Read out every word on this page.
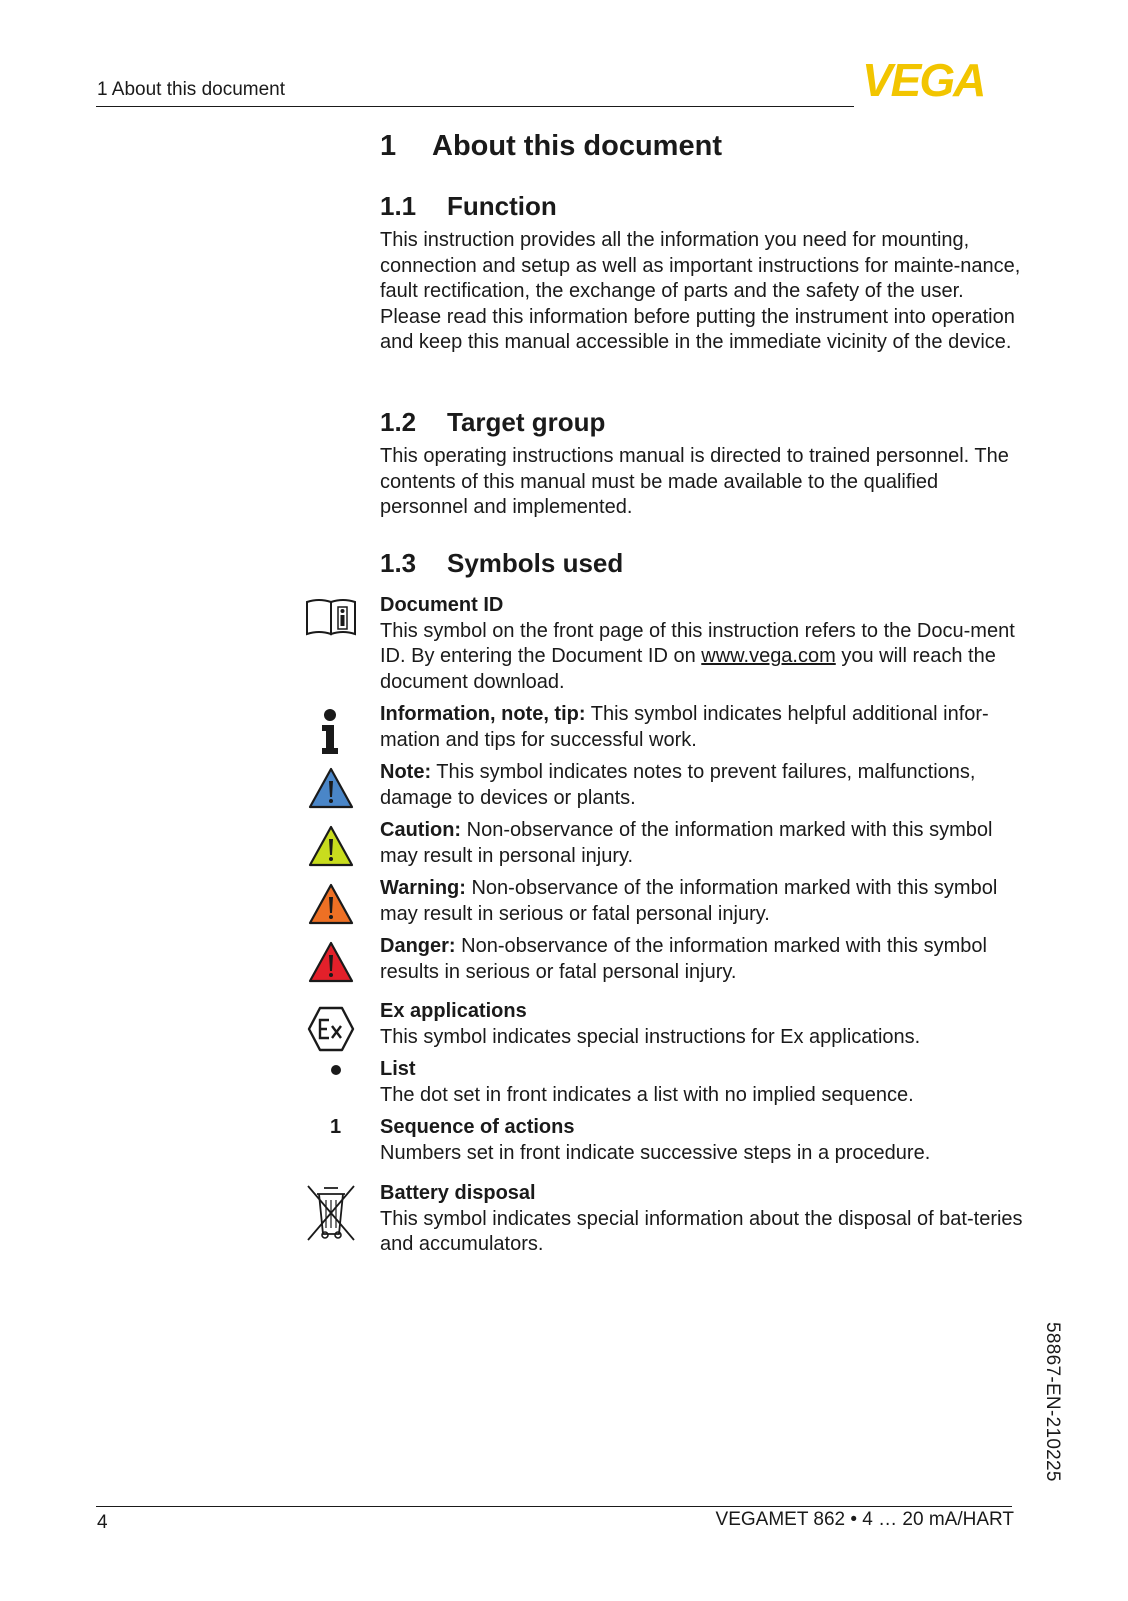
1 About this document	VEGA
1 About this document
1.1 Function

This instruction provides all the information you need for mounting, connection and setup as well as important instructions for mainte-nance, fault rectification, the exchange of parts and the safety of the user. Please read this information before putting the instrument into operation and keep this manual accessible in the immediate vicinity of the device.

1.2 Target group

This operating instructions manual is directed to trained personnel. The contents of this manual must be made available to the qualified personnel and implemented.

1.3 Symbols used
Document ID
This symbol on the front page of this instruction refers to the Docu-ment ID. By entering the Document ID on www.vega.com you will reach the document download.
Information, note, tip: This symbol indicates helpful additional infor-mation and tips for successful work.
Note: This symbol indicates notes to prevent failures, malfunctions, damage to devices or plants.
Caution: Non-observance of the information marked with this symbol may result in personal injury.
Warning: Non-observance of the information marked with this symbol may result in serious or fatal personal injury.
Danger: Non-observance of the information marked with this symbol results in serious or fatal personal injury.
Ex applications
This symbol indicates special instructions for Ex applications.
List
The dot set in front indicates a list with no implied sequence.
1 Sequence of actions
Numbers set in front indicate successive steps in a procedure.
Battery disposal
This symbol indicates special information about the disposal of bat-teries and accumulators.
58867-EN-210225
4	VEGAMET 862 • 4 … 20 mA/HART
